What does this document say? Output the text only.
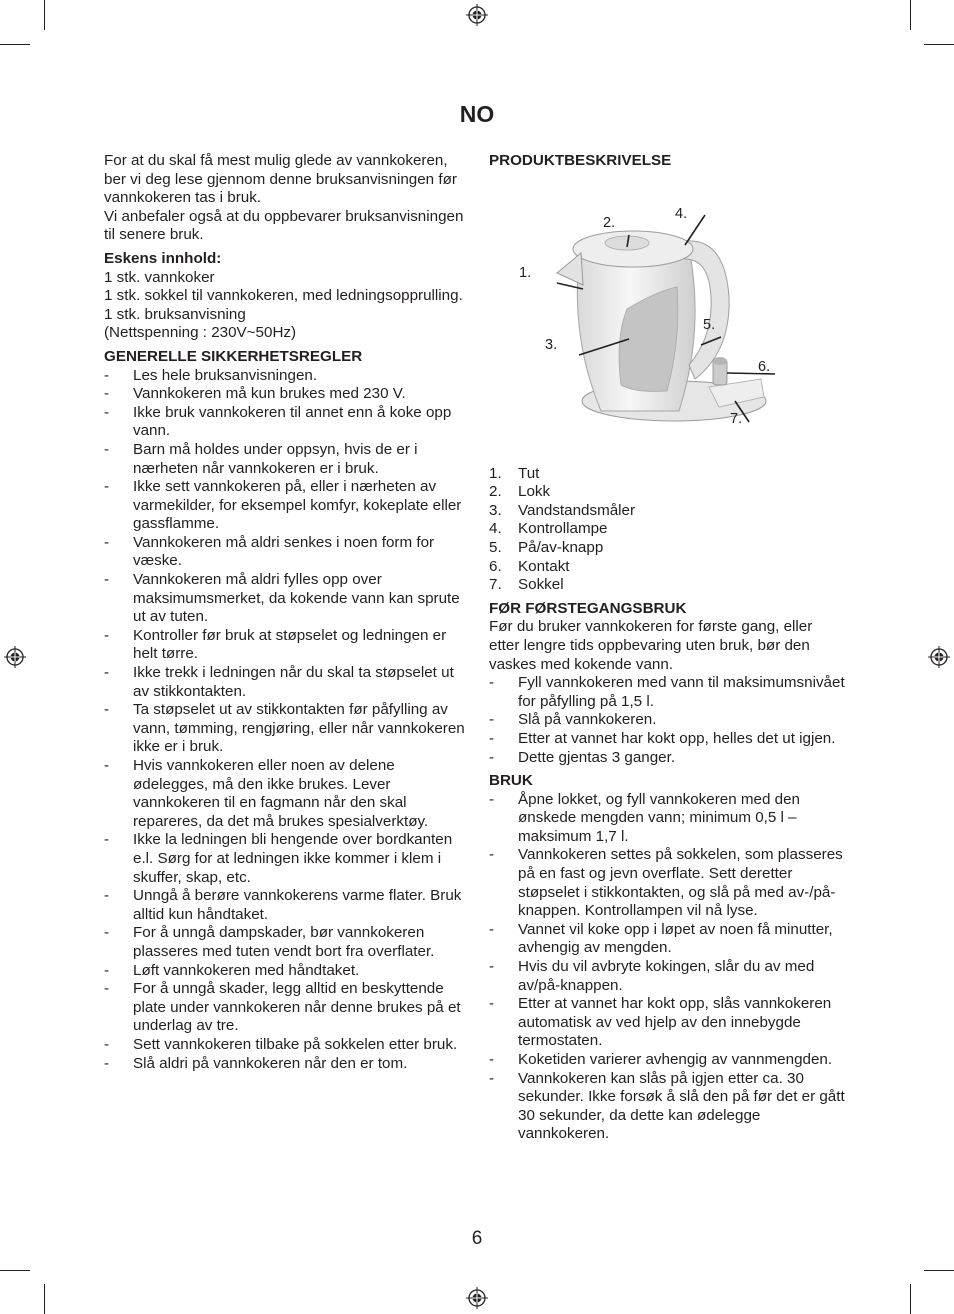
NO

For at du skal få mest mulig glede av vannkokeren, ber vi deg lese gjennom denne bruksanvisningen før vannkokeren tas i bruk.

Vi anbefaler også at du oppbevarer bruksanvisningen til senere bruk.

Eskens innhold:

1 stk. vannkoker

1 stk. sokkel til vannkokeren, med ledningsopprulling.

1 stk. bruksanvisning

(Nettspenning : 230V~50Hz)

GENERELLE SIKKERHETSREGLER

- Les hele bruksanvisningen.
- Vannkokeren må kun brukes med 230 V.
- Ikke bruk vannkokeren til annet enn å koke opp vann.
- Barn må holdes under oppsyn, hvis de er i nærheten når vannkokeren er i bruk.
- Ikke sett vannkokeren på, eller i nærheten av varmekilder, for eksempel komfyr, kokeplate eller gassflamme.
- Vannkokeren må aldri senkes i noen form for væske.
- Vannkokeren må aldri fylles opp over maksimumsmerket, da kokende vann kan sprute ut av tuten.
- Kontroller før bruk at støpselet og ledningen er helt tørre.
- Ikke trekk i ledningen når du skal ta støpselet ut av stikkontakten.
- Ta støpselet ut av stikkontakten før påfylling av vann, tømming, rengjøring, eller når vannkokeren ikke er i bruk.
- Hvis vannkokeren eller noen av delene ødelegges, må den ikke brukes. Lever vannkokeren til en fagmann når den skal repareres, da det må brukes spesialverktøy.
- Ikke la ledningen bli hengende over bordkanten e.l. Sørg for at ledningen ikke kommer i klem i skuffer, skap, etc.
- Unngå å berøre vannkokerens varme flater. Bruk alltid kun håndtaket.
- For å unngå dampskader, bør vannkokeren plasseres med tuten vendt bort fra overflater.
- Løft vannkokeren med håndtaket.
- For å unngå skader, legg alltid en beskyttende plate under vannkokeren når denne brukes på et underlag av tre.
- Sett vannkokeren tilbake på sokkelen etter bruk.
- Slå aldri på vannkokeren når den er tom.

PRODUKTBESKRIVELSE

1.
2.
3.
4.
5.
6.
7.
1.	Tut
2.	Lokk
3.	Vandstandsmåler
4.	Kontrollampe
5.	På/av-knapp
6.	Kontakt
7.	Sokkel

FØR FØRSTEGANGSBRUK

Før du bruker vannkokeren for første gang, eller etter lengre tids oppbevaring uten bruk, bør den vaskes med kokende vann.

- Fyll vannkokeren med vann til maksimumsnivået for påfylling på 1,5 l.
- Slå på vannkokeren.
- Etter at vannet har kokt opp, helles det ut igjen.
- Dette gjentas 3 ganger.

BRUK

- Åpne lokket, og fyll vannkokeren med den ønskede mengden vann; minimum 0,5 l – maksimum 1,7 l.
- Vannkokeren settes på sokkelen, som plasseres på en fast og jevn overflate. Sett deretter støpselet i stikkontakten, og slå på med av-/på-knappen. Kontrollampen vil nå lyse.
- Vannet vil koke opp i løpet av noen få minutter, avhengig av mengden.
- Hvis du vil avbryte kokingen, slår du av med av/på-knappen.
- Etter at vannet har kokt opp, slås vannkokeren automatisk av ved hjelp av den innebygde termostaten.
- Koketiden varierer avhengig av vannmengden.
- Vannkokeren kan slås på igjen etter ca. 30 sekunder. Ikke forsøk å slå den på før det er gått 30 sekunder, da dette kan ødelegge vannkokeren.
6
